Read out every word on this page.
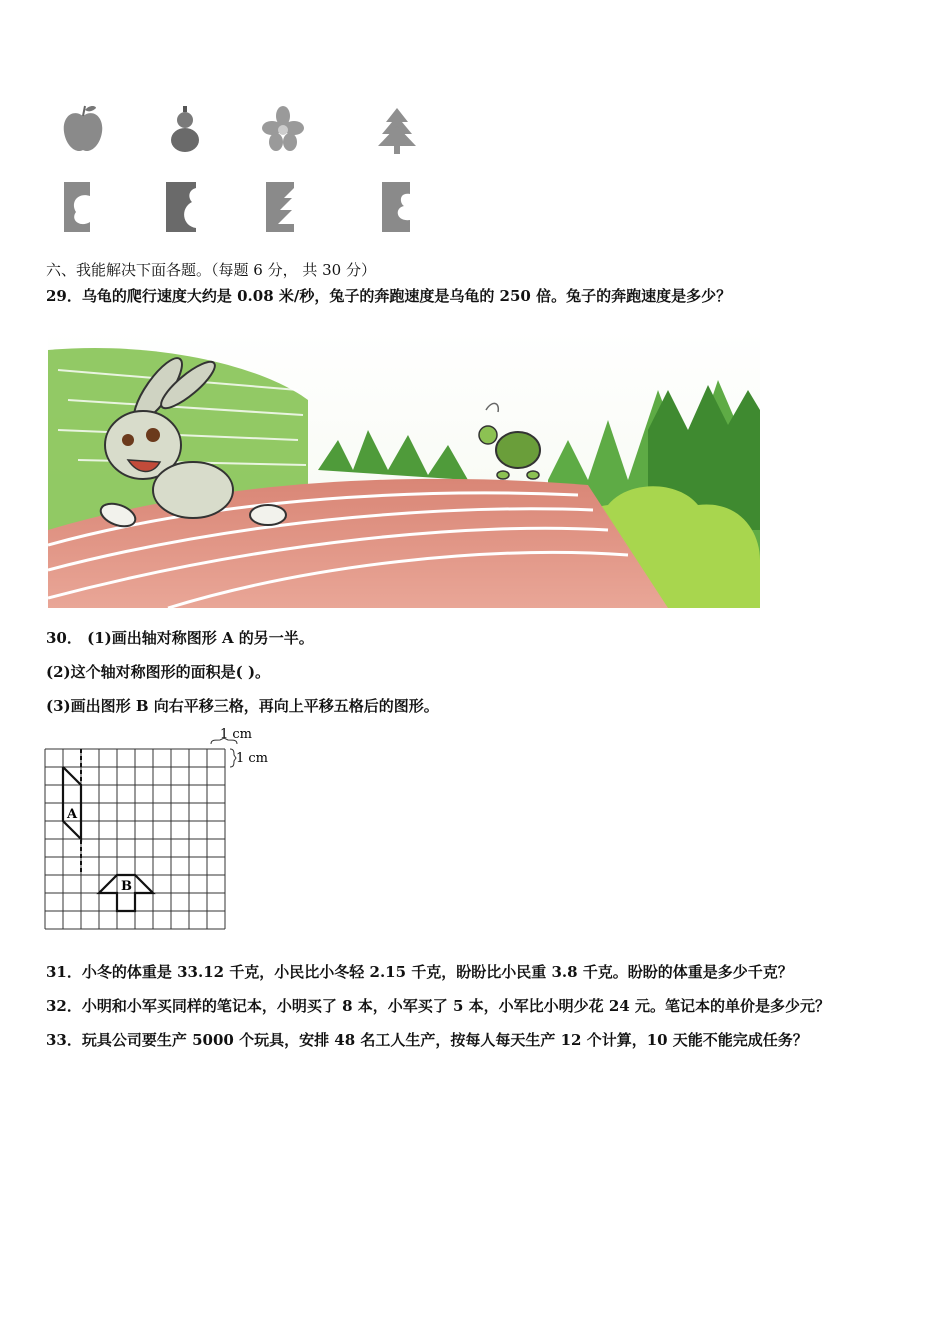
六、我能解决下面各题。（每题 6 分， 共 30 分）
29．乌龟的爬行速度大约是 0.08 米/秒，兔子的奔跑速度是乌龟的 250 倍。兔子的奔跑速度是多少？
30． (1)画出轴对称图形 A 的另一半。
(2)这个轴对称图形的面积是( )。
(3)画出图形 B 向右平移三格，再向上平移五格后的图形。
1 cm
1 cm
A
B
31．小冬的体重是 33.12 千克，小民比小冬轻 2.15 千克，盼盼比小民重 3.8 千克。盼盼的体重是多少千克？
32．小明和小军买同样的笔记本，小明买了 8 本，小军买了 5 本，小军比小明少花 24 元。笔记本的单价是多少元？
33．玩具公司要生产 5000 个玩具，安排 48 名工人生产，按每人每天生产 12 个计算，10 天能不能完成任务？
